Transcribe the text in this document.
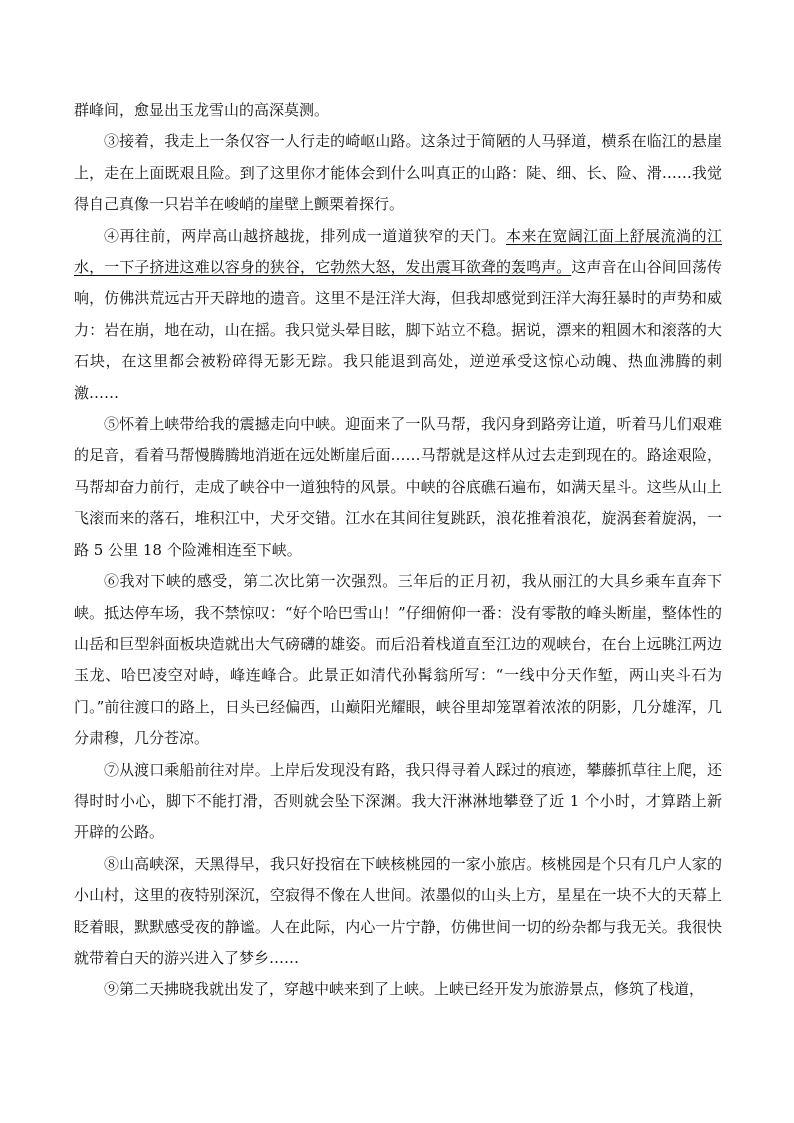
群峰间，愈显出玉龙雪山的高深莫测。

③接着，我走上一条仅容一人行走的崎岖山路。这条过于简陋的人马驿道，横系在临江的悬崖上，走在上面既艰且险。到了这里你才能体会到什么叫真正的山路：陡、细、长、险、滑……我觉得自己真像一只岩羊在峻峭的崖壁上颤栗着探行。

④再往前，两岸高山越挤越拢，排列成一道道狭窄的天门。本来在宽阔江面上舒展流淌的江水，一下子挤进这难以容身的狭谷，它勃然大怒，发出震耳欲聋的轰鸣声。这声音在山谷间回荡传响，仿佛洪荒远古开天辟地的遗音。这里不是汪洋大海，但我却感觉到汪洋大海狂暴时的声势和威力：岩在崩，地在动，山在摇。我只觉头晕目眩，脚下站立不稳。据说，漂来的粗圆木和滚落的大石块，在这里都会被粉碎得无影无踪。我只能退到高处，逆逆承受这惊心动魄、热血沸腾的刺激……

⑤怀着上峡带给我的震撼走向中峡。迎面来了一队马帮，我闪身到路旁让道，听着马儿们艰难的足音，看着马帮慢腾腾地消逝在远处断崖后面……马帮就是这样从过去走到现在的。路途艰险，马帮却奋力前行，走成了峡谷中一道独特的风景。中峡的谷底礁石遍布，如满天星斗。这些从山上飞滚而来的落石，堆积江中，犬牙交错。江水在其间往复跳跃，浪花推着浪花，旋涡套着旋涡，一路 5 公里 18 个险滩相连至下峡。

⑥我对下峡的感受，第二次比第一次强烈。三年后的正月初，我从丽江的大具乡乘车直奔下峡。抵达停车场，我不禁惊叹：“好个哈巴雪山！”仔细俯仰一番：没有零散的峰头断崖，整体性的山岳和巨型斜面板块造就出大气磅礴的雄姿。而后沿着栈道直至江边的观峡台，在台上远眺江两边玉龙、哈巴凌空对峙，峰连峰合。此景正如清代孙髯翁所写：“一线中分天作堑，两山夹斗石为门。”前往渡口的路上，日头已经偏西，山巅阳光耀眼，峡谷里却笼罩着浓浓的阴影，几分雄浑，几分肃穆，几分苍凉。

⑦从渡口乘船前往对岸。上岸后发现没有路，我只得寻着人踩过的痕迹，攀藤抓草往上爬，还得时时小心，脚下不能打滑，否则就会坠下深渊。我大汗淋淋地攀登了近 1 个小时，才算踏上新开辟的公路。

⑧山高峡深，天黑得早，我只好投宿在下峡核桃园的一家小旅店。核桃园是个只有几户人家的小山村，这里的夜特别深沉，空寂得不像在人世间。浓墨似的山头上方，星星在一块不大的天幕上眨着眼，默默感受夜的静谧。人在此际，内心一片宁静，仿佛世间一切的纷杂都与我无关。我很快就带着白天的游兴进入了梦乡……

⑨第二天拂晓我就出发了，穿越中峡来到了上峡。上峡已经开发为旅游景点，修筑了栈道，
